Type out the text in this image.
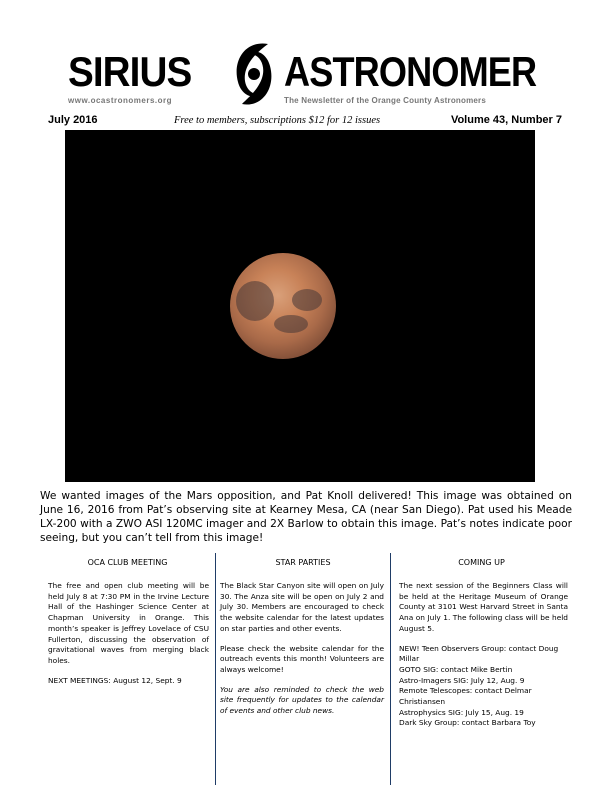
SIRIUS ASTRONOMER
www.ocastronomers.org	The Newsletter of the Orange County Astronomers
July 2016	Free to members, subscriptions $12 for 12 issues	Volume 43, Number 7

We wanted images of the Mars opposition, and Pat Knoll delivered! This image was obtained on June 16, 2016 from Pat’s observing site at Kearney Mesa, CA (near San Diego). Pat used his Meade LX-200 with a ZWO ASI 120MC imager and 2X Barlow to obtain this image. Pat’s notes indicate poor seeing, but you can’t tell from this image!

OCA CLUB MEETING

The free and open club meeting will be held July 8 at 7:30 PM in the Irvine Lecture Hall of the Hashinger Science Center at Chapman University in Orange. This month’s speaker is Jeffrey Lovelace of CSU Fullerton, discussing the observation of gravitational waves from merging black holes.

NEXT MEETINGS: August 12, Sept. 9

STAR PARTIES

The Black Star Canyon site will open on July 30. The Anza site will be open on July 2 and July 30. Members are encouraged to check the website calendar for the latest updates on star parties and other events.

Please check the website calendar for the outreach events this month! Volunteers are always welcome!

You are also reminded to check the web site frequently for updates to the calendar of events and other club news.

COMING UP

The next session of the Beginners Class will be held at the Heritage Museum of Orange County at 3101 West Harvard Street in Santa Ana on July 1. The following class will be held August 5.

NEW! Teen Observers Group: contact Doug Millar

GOTO SIG: contact Mike Bertin

Astro-Imagers SIG: July 12, Aug. 9

Remote Telescopes: contact Delmar Christiansen

Astrophysics SIG: July 15, Aug. 19

Dark Sky Group: contact Barbara Toy
